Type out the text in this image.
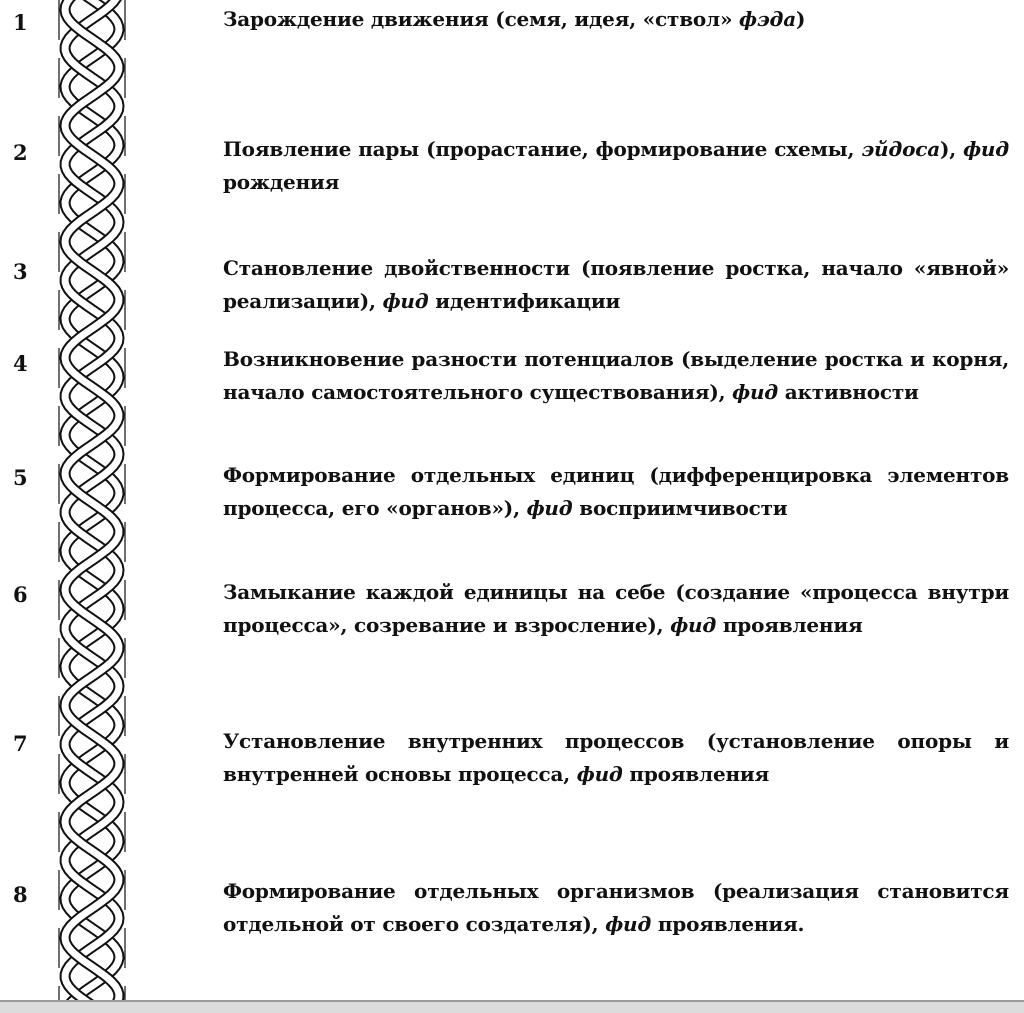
1	Зарождение движения (семя, идея, «ствол» фэда)
2	Появление пары (прорастание, формирование схемы, эйдоса), фид рождения
3	Становление двойственности (появление ростка, начало «явной» реализации), фид идентификации
4	Возникновение разности потенциалов (выделение ростка и корня, начало самостоятельного существования), фид активности
5	Формирование отдельных единиц (дифференцировка элементов процесса, его «органов»), фид восприимчивости
6	Замыкание каждой единицы на себе (создание «процесса внутри процесса», созревание и взросление), фид проявления
7	Установление внутренних процессов (установление опоры и внутренней основы процесса, фид проявления
8	Формирование отдельных организмов (реализация становится отдельной от своего создателя), фид проявления.
